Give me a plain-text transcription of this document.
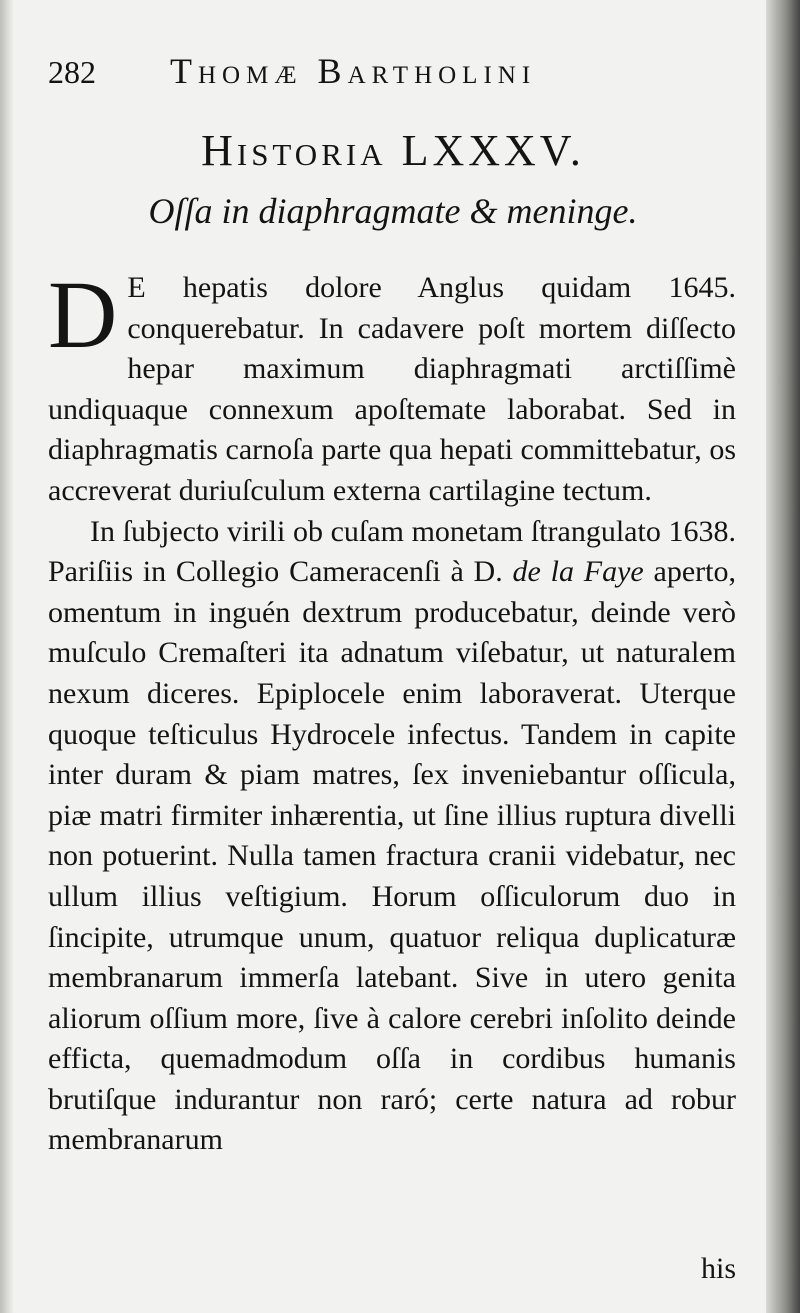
282 Thomæ Bartholini
Historia LXXXV.
Oſſa in diaphragmate & meninge.

D E hepatis dolore Anglus quidam 1645. conquerebatur. In cadavere poſt mortem diſſecto hepar maximum diaphragmati arctiſſimè undiquaque connexum apoſtemate laborabat. Sed in diaphragmatis carnoſa parte qua hepati committebatur, os accreverat duriuſculum externa cartilagine tectum.

In ſubjecto virili ob cuſam monetam ſtrangulato 1638. Pariſiis in Collegio Cameracenſi à D. de la Faye aperto, omentum in inguén dextrum producebatur, deinde verò muſculo Cremaſteri ita adnatum viſebatur, ut naturalem nexum diceres. Epiplocele enim laboraverat. Uterque quoque teſticulus Hydrocele infectus. Tandem in capite inter duram & piam matres, ſex inveniebantur oſſicula, piæ matri firmiter inhærentia, ut ſine illius ruptura divelli non potuerint. Nulla tamen fractura cranii videbatur, nec ullum illius veſtigium. Horum oſſiculorum duo in ſincipite, utrumque unum, quatuor reliqua duplicaturæ membranarum immerſa latebant. Sive in utero genita aliorum oſſium more, ſive à calore cerebri inſolito deinde efficta, quemadmodum oſſa in cordibus humanis brutiſque indurantur non raró; certe natura ad robur membranarum

his
